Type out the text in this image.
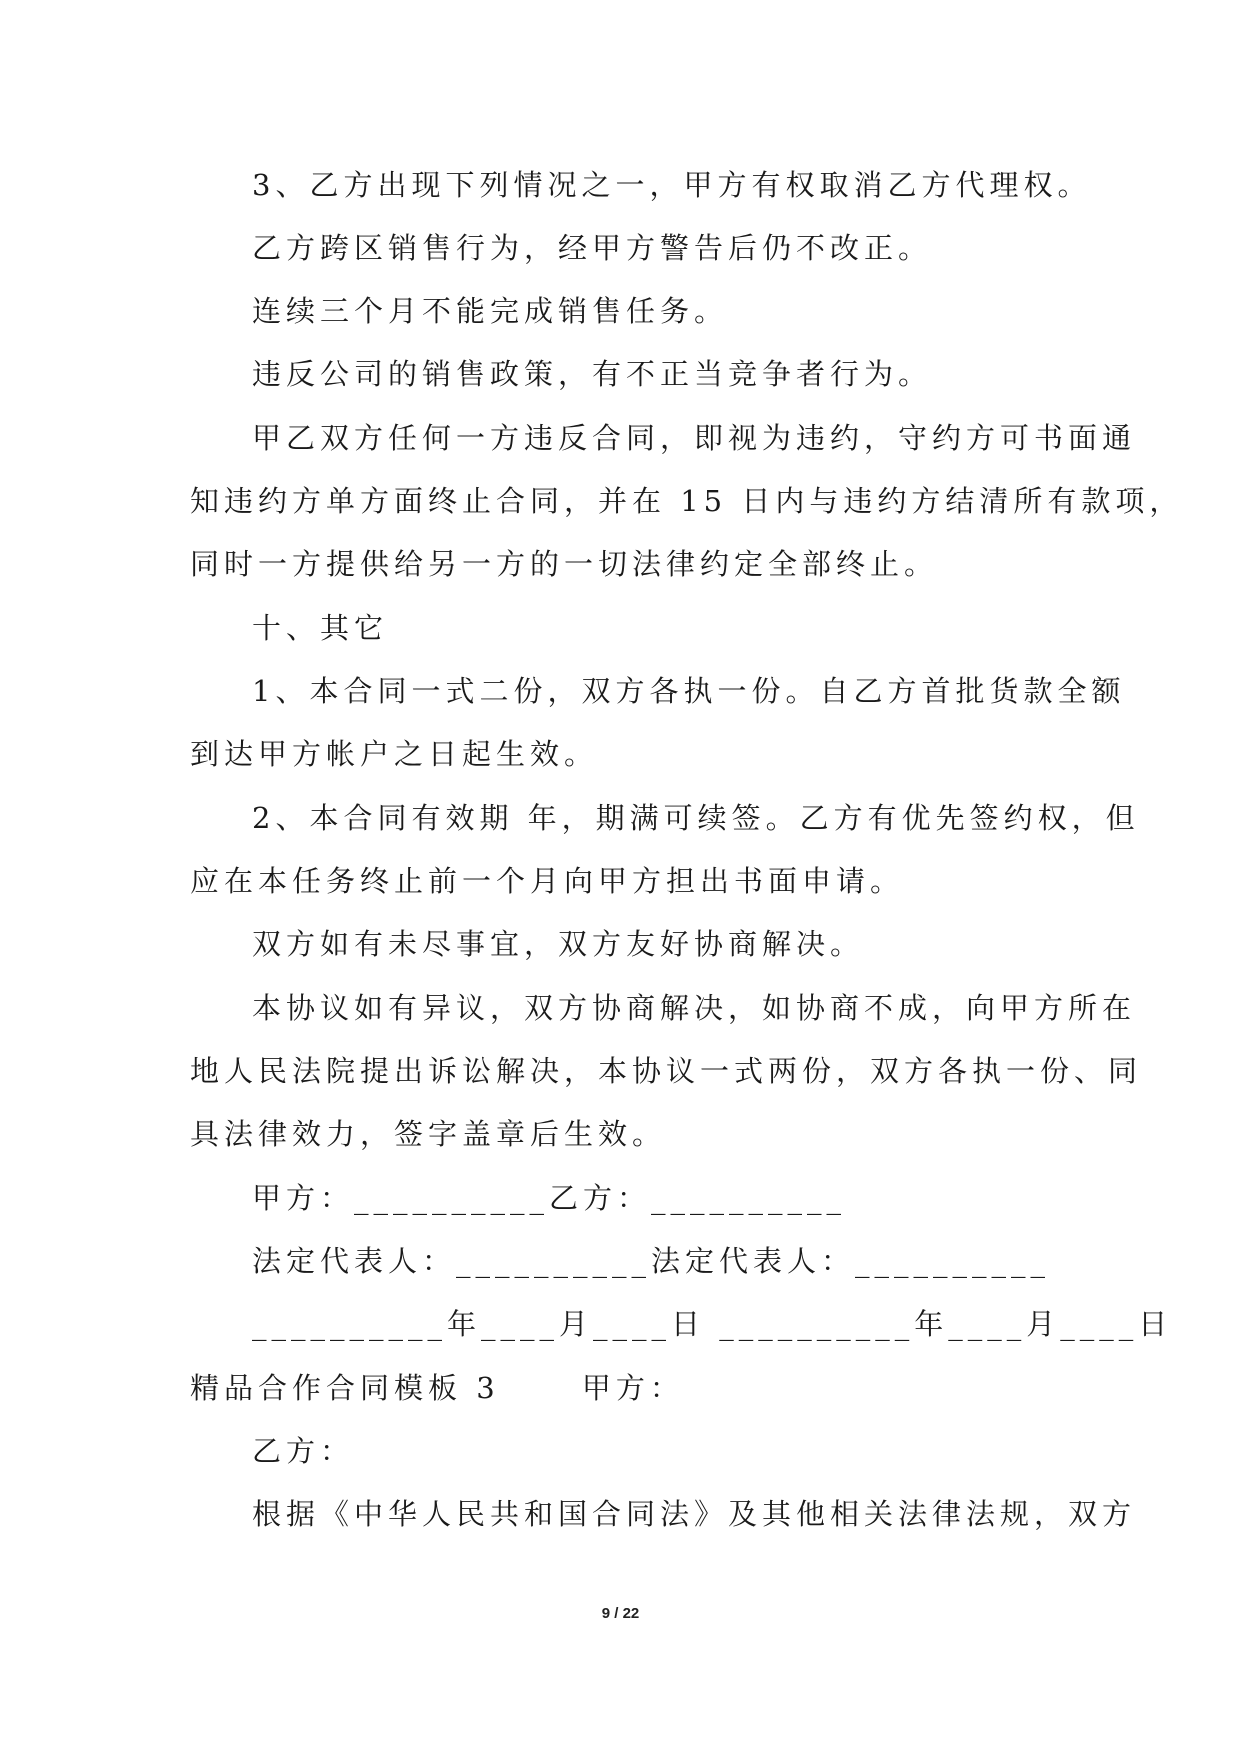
3、乙方出现下列情况之一，甲方有权取消乙方代理权。
乙方跨区销售行为，经甲方警告后仍不改正。
连续三个月不能完成销售任务。
违反公司的销售政策，有不正当竞争者行为。
甲乙双方任何一方违反合同，即视为违约，守约方可书面通
知违约方单方面终止合同，并在 15 日内与违约方结清所有款项，
同时一方提供给另一方的一切法律约定全部终止。
十、其它
1、本合同一式二份，双方各执一份。自乙方首批货款全额
到达甲方帐户之日起生效。
2、本合同有效期 年，期满可续签。乙方有优先签约权，但
应在本任务终止前一个月向甲方担出书面申请。
双方如有未尽事宜，双方友好协商解决。
本协议如有异议，双方协商解决，如协商不成，向甲方所在
地人民法院提出诉讼解决，本协议一式两份，双方各执一份、同
具法律效力，签字盖章后生效。
甲方：__________乙方：__________
法定代表人：__________法定代表人：__________
__________年____月____日 __________年____月____日
精品合作合同模板 3　　 甲方：
乙方：
根据《中华人民共和国合同法》及其他相关法律法规，双方
9 / 22
